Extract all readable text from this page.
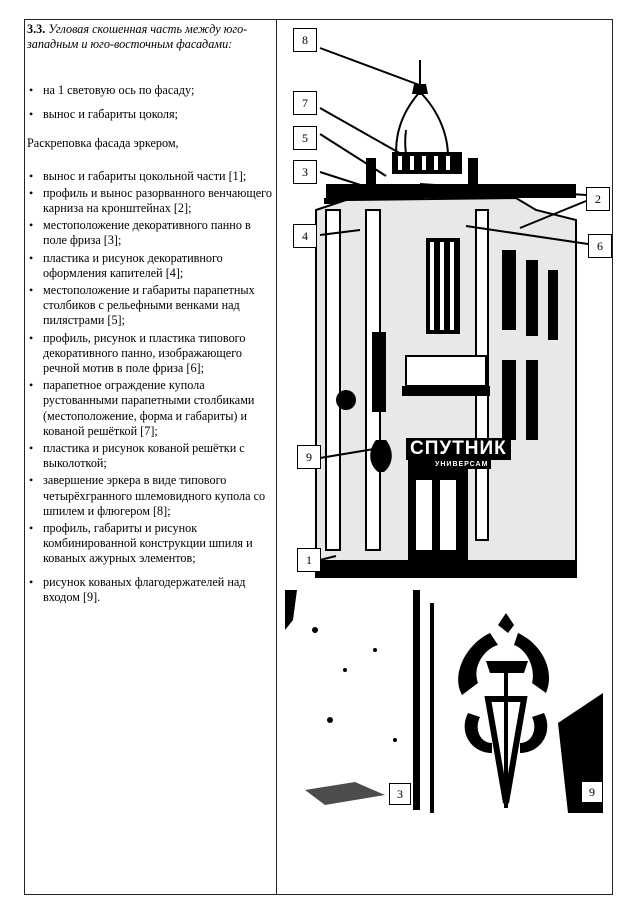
3.3. Угловая скошенная часть между юго-западным и юго-восточным фасадами:
• на 1 световую ось по фасаду;
• вынос и габариты цоколя;
Раскреповка фасада эркером,
• вынос и габариты цокольной части [1];
• профиль и вынос разорванного венчающего карниза на кронштейнах [2];
• местоположение декоративного панно в поле фриза [3];
• пластика и рисунок декоративного оформления капителей [4];
• местоположение и габариты парапетных столбиков с рельефными венками над пилястрами [5];
• профиль, рисунок и пластика типового декоративного панно, изображающего речной мотив в поле фриза [6];
• парапетное ограждение купола рустованными парапетными столбиками (местоположение, форма и габариты) и кованой решёткой [7];
• пластика и рисунок кованой решётки с выколоткой;
• завершение эркера в виде типового четырёхгранного шлемовидного купола со шпилем и флюгером [8];
• профиль, габариты и рисунок комбинированной конструкции шпиля и кованых ажурных элементов;
• рисунок кованых флагодержателей над входом [9].
СПУТНИК
УНИВЕРСАМ
8
7
5
3
4
2
6
9
1
3	9
